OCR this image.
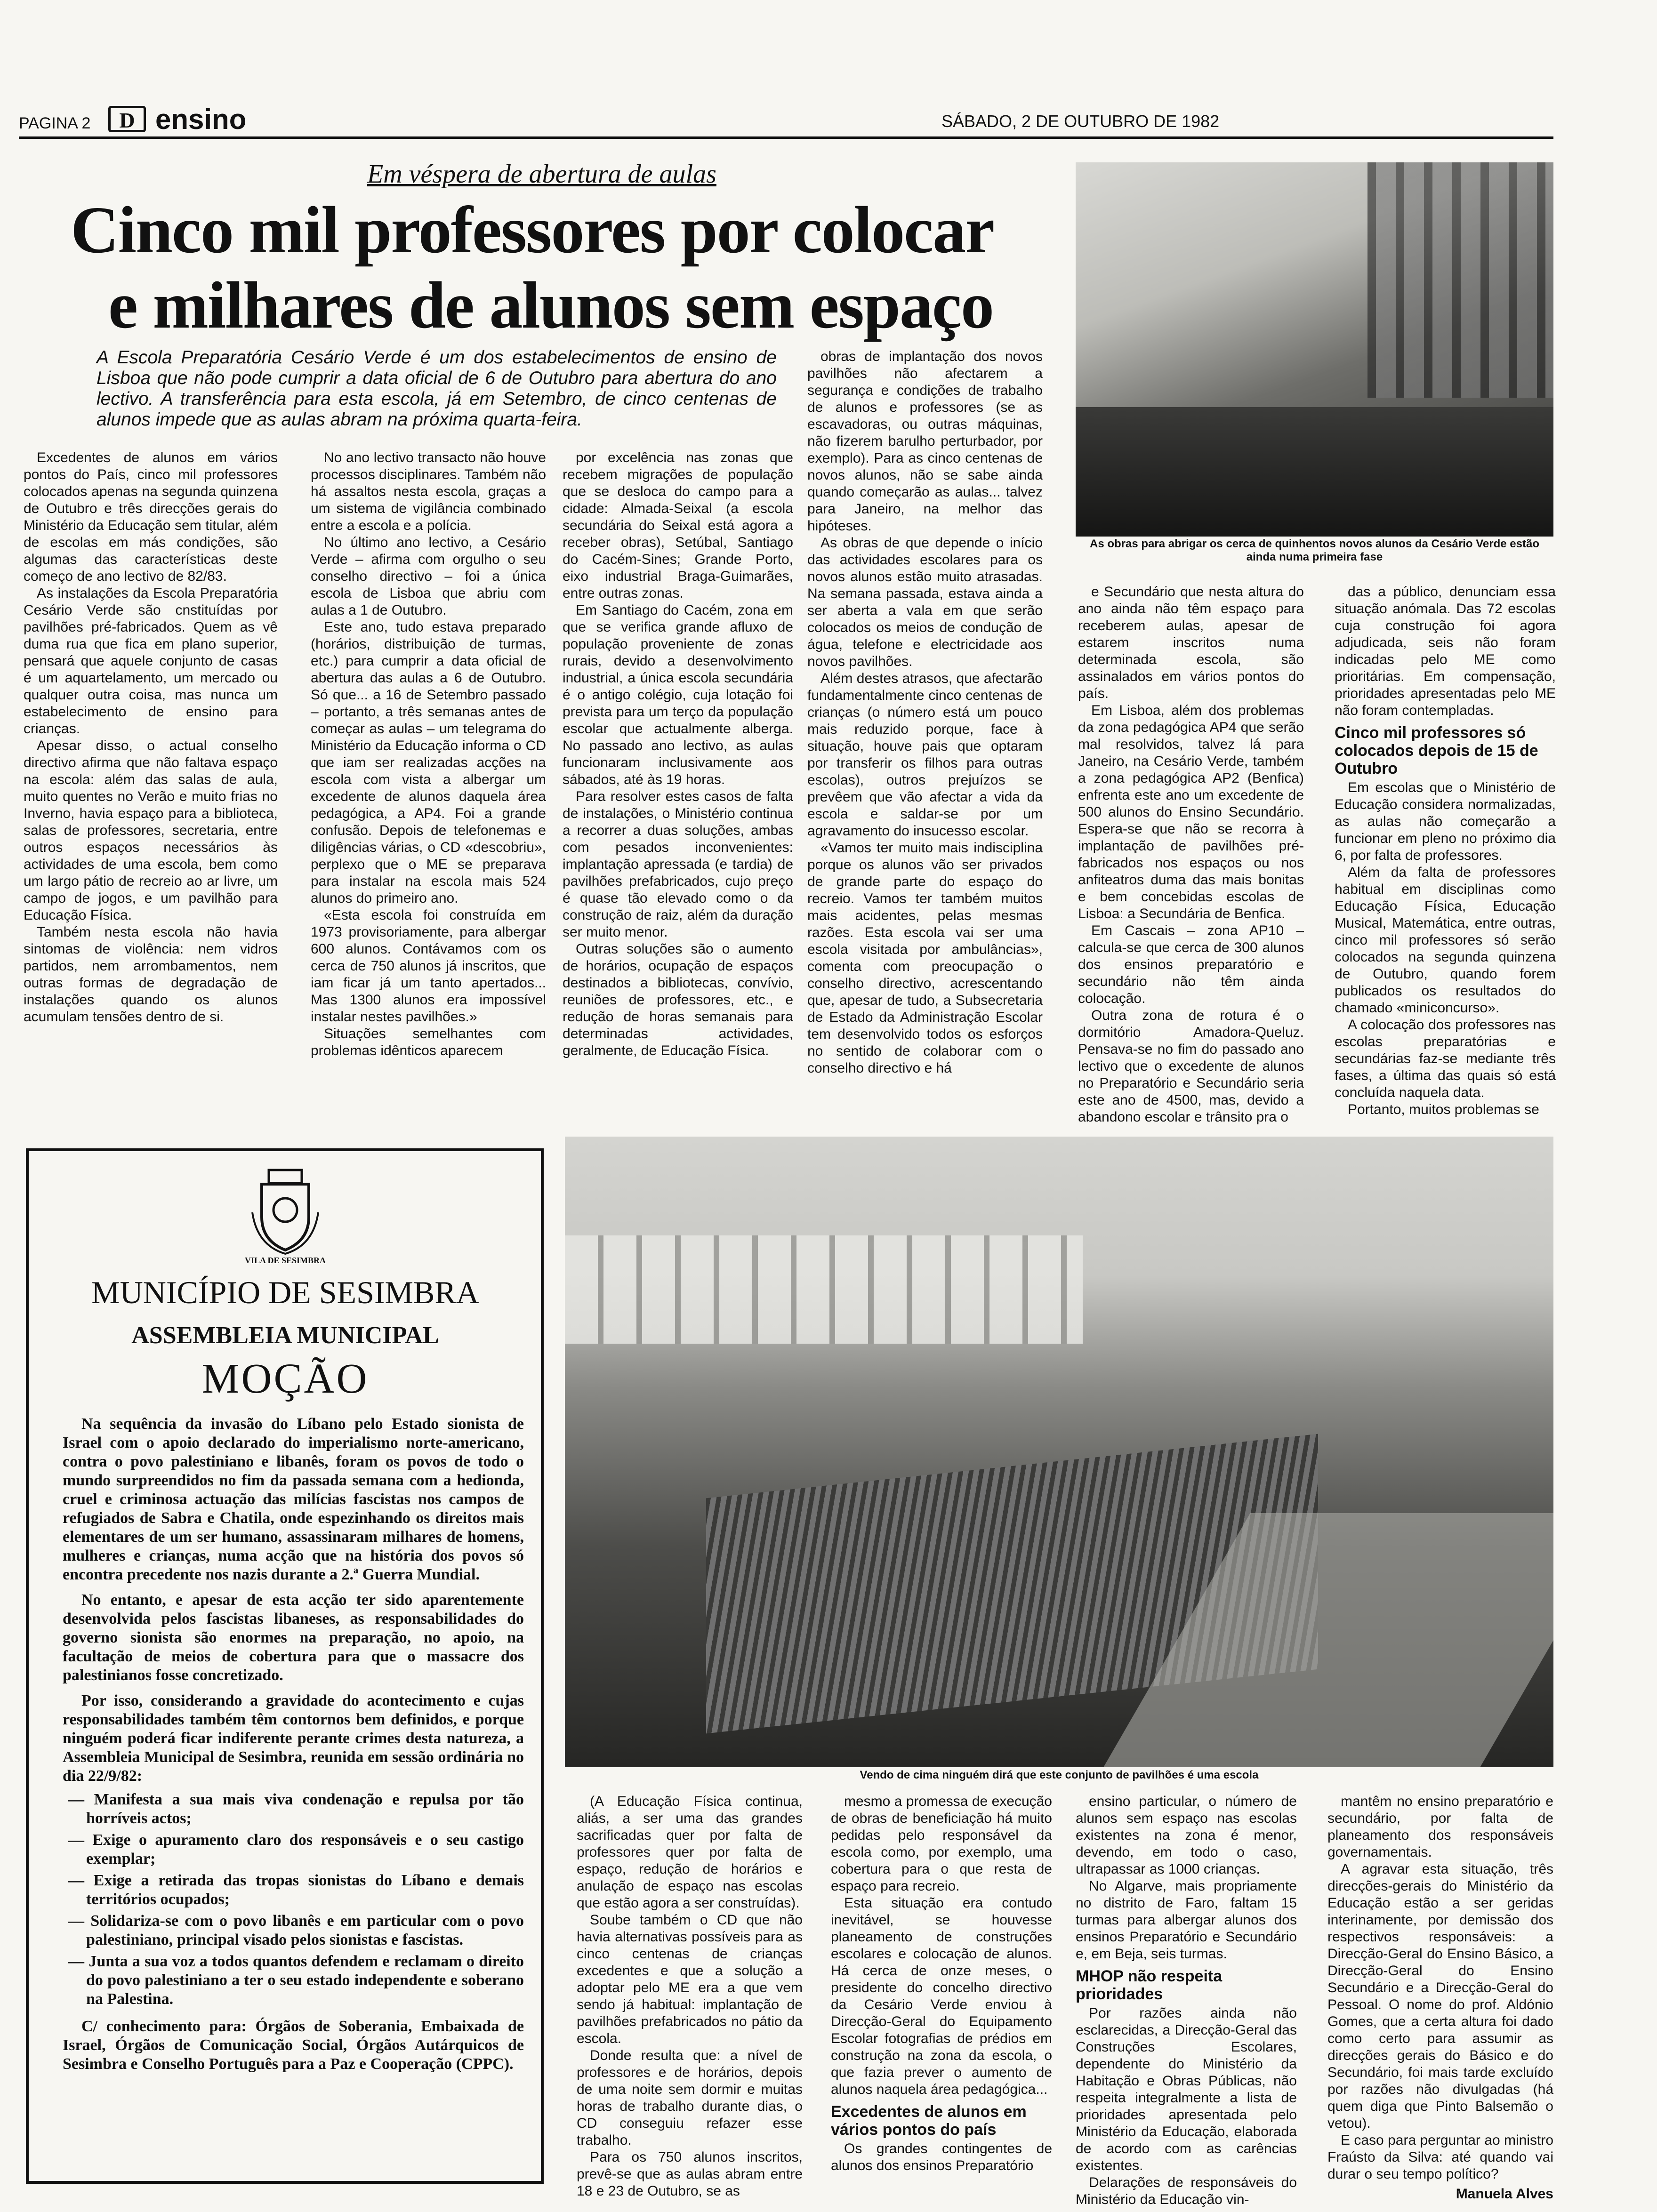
PAGINA 2	D ensino	SÁBADO, 2 DE OUTUBRO DE 1982
Em véspera de abertura de aulas
Cinco mil professores por colocar
e milhares de alunos sem espaço
A Escola Preparatória Cesário Verde é um dos estabelecimentos de ensino de Lisboa que não pode cumprir a data oficial de 6 de Outubro para abertura do ano lectivo. A transferência para esta escola, já em Setembro, de cinco centenas de alunos impede que as aulas abram na próxima quarta-feira.

Excedentes de alunos em vários pontos do País, cinco mil professores colocados apenas na segunda quinzena de Outubro e três direcções gerais do Ministério da Educação sem titular, além de escolas em más condições, são algumas das características deste começo de ano lectivo de 82/83.

As instalações da Escola Preparatória Cesário Verde são cnstituídas por pavilhões pré-fabricados. Quem as vê duma rua que fica em plano superior, pensará que aquele conjunto de casas é um aquartelamento, um mercado ou qualquer outra coisa, mas nunca um estabelecimento de ensino para crianças.

Apesar disso, o actual conselho directivo afirma que não faltava espaço na escola: além das salas de aula, muito quentes no Verão e muito frias no Inverno, havia espaço para a biblioteca, salas de professores, secretaria, entre outros espaços necessários às actividades de uma escola, bem como um largo pátio de recreio ao ar livre, um campo de jogos, e um pavilhão para Educação Física.

Também nesta escola não havia sintomas de violência: nem vidros partidos, nem arrombamentos, nem outras formas de degradação de instalações quando os alunos acumulam tensões dentro de si.

No ano lectivo transacto não houve processos disciplinares. Também não há assaltos nesta escola, graças a um sistema de vigilância combinado entre a escola e a polícia.

No último ano lectivo, a Cesário Verde – afirma com orgulho o seu conselho directivo – foi a única escola de Lisboa que abriu com aulas a 1 de Outubro.

Este ano, tudo estava preparado (horários, distribuição de turmas, etc.) para cumprir a data oficial de abertura das aulas a 6 de Outubro. Só que... a 16 de Setembro passado – portanto, a três semanas antes de começar as aulas – um telegrama do Ministério da Educação informa o CD que iam ser realizadas acções na escola com vista a albergar um excedente de alunos daquela área pedagógica, a AP4. Foi a grande confusão. Depois de telefonemas e diligências várias, o CD «descobriu», perplexo que o ME se preparava para instalar na escola mais 524 alunos do primeiro ano.

«Esta escola foi construída em 1973 provisoriamente, para albergar 600 alunos. Contávamos com os cerca de 750 alunos já inscritos, que iam ficar já um tanto apertados... Mas 1300 alunos era impossível instalar nestes pavilhões.»

Situações semelhantes com problemas idênticos aparecem

por excelência nas zonas que recebem migrações de população que se desloca do campo para a cidade: Almada-Seixal (a escola secundária do Seixal está agora a receber obras), Setúbal, Santiago do Cacém-Sines; Grande Porto, eixo industrial Braga-Guimarães, entre outras zonas.

Em Santiago do Cacém, zona em que se verifica grande afluxo de população proveniente de zonas rurais, devido a desenvolvimento industrial, a única escola secundária é o antigo colégio, cuja lotação foi prevista para um terço da população escolar que actualmente alberga. No passado ano lectivo, as aulas funcionaram inclusivamente aos sábados, até às 19 horas.

Para resolver estes casos de falta de instalações, o Ministério continua a recorrer a duas soluções, ambas com pesados inconvenientes: implantação apressada (e tardia) de pavilhões prefabricados, cujo preço é quase tão elevado como o da construção de raiz, além da duração ser muito menor.

Outras soluções são o aumento de horários, ocupação de espaços destinados a bibliotecas, convívio, reuniões de professores, etc., e redução de horas semanais para determinadas actividades, geralmente, de Educação Física.

obras de implantação dos novos pavilhões não afectarem a segurança e condições de trabalho de alunos e professores (se as escavadoras, ou outras máquinas, não fizerem barulho perturbador, por exemplo). Para as cinco centenas de novos alunos, não se sabe ainda quando começarão as aulas... talvez para Janeiro, na melhor das hipóteses.

As obras de que depende o início das actividades escolares para os novos alunos estão muito atrasadas. Na semana passada, estava ainda a ser aberta a vala em que serão colocados os meios de condução de água, telefone e electricidade aos novos pavilhões.

Além destes atrasos, que afectarão fundamentalmente cinco centenas de crianças (o número está um pouco mais reduzido porque, face à situação, houve pais que optaram por transferir os filhos para outras escolas), outros prejuízos se prevêem que vão afectar a vida da escola e saldar-se por um agravamento do insucesso escolar.

«Vamos ter muito mais indisciplina porque os alunos vão ser privados de grande parte do espaço do recreio. Vamos ter também muitos mais acidentes, pelas mesmas razões. Esta escola vai ser uma escola visitada por ambulâncias», comenta com preocupação o conselho directivo, acrescentando que, apesar de tudo, a Subsecretaria de Estado da Administração Escolar tem desenvolvido todos os esforços no sentido de colaborar com o conselho directivo e há

As obras para abrigar os cerca de quinhentos novos alunos da Cesário Verde estão ainda numa primeira fase

e Secundário que nesta altura do ano ainda não têm espaço para receberem aulas, apesar de estarem inscritos numa determinada escola, são assinalados em vários pontos do país.

Em Lisboa, além dos problemas da zona pedagógica AP4 que serão mal resolvidos, talvez lá para Janeiro, na Cesário Verde, também a zona pedagógica AP2 (Benfica) enfrenta este ano um excedente de 500 alunos do Ensino Secundário. Espera-se que não se recorra à implantação de pavilhões pré-fabricados nos espaços ou nos anfiteatros duma das mais bonitas e bem concebidas escolas de Lisboa: a Secundária de Benfica.

Em Cascais – zona AP10 – calcula-se que cerca de 300 alunos dos ensinos preparatório e secundário não têm ainda colocação.

Outra zona de rotura é o dormitório Amadora-Queluz. Pensava-se no fim do passado ano lectivo que o excedente de alunos no Preparatório e Secundário seria este ano de 4500, mas, devido a abandono escolar e trânsito pra o

das a público, denunciam essa situação anómala. Das 72 escolas cuja construção foi agora adjudicada, seis não foram indicadas pelo ME como prioritárias. Em compensação, prioridades apresentadas pelo ME não foram contempladas.

Cinco mil professores só colocados depois de 15 de Outubro

Em escolas que o Ministério de Educação considera normalizadas, as aulas não começarão a funcionar em pleno no próximo dia 6, por falta de professores.

Além da falta de professores habitual em disciplinas como Educação Física, Educação Musical, Matemática, entre outras, cinco mil professores só serão colocados na segunda quinzena de Outubro, quando forem publicados os resultados do chamado «miniconcurso».

A colocação dos professores nas escolas preparatórias e secundárias faz-se mediante três fases, a última das quais só está concluída naquela data.

Portanto, muitos problemas se

VILA DE SESIMBRA
MUNICÍPIO DE SESIMBRA
ASSEMBLEIA MUNICIPAL
MOÇÃO

Na sequência da invasão do Líbano pelo Estado sionista de Israel com o apoio declarado do imperialismo norte-americano, contra o povo palestiniano e libanês, foram os povos de todo o mundo surpreendidos no fim da passada semana com a hedionda, cruel e criminosa actuação das milícias fascistas nos campos de refugiados de Sabra e Chatila, onde espezinhando os direitos mais elementares de um ser humano, assassinaram milhares de homens, mulheres e crianças, numa acção que na história dos povos só encontra precedente nos nazis durante a 2.ª Guerra Mundial.

No entanto, e apesar de esta acção ter sido aparentemente desenvolvida pelos fascistas libaneses, as responsabilidades do governo sionista são enormes na preparação, no apoio, na facultação de meios de cobertura para que o massacre dos palestinianos fosse concretizado.

Por isso, considerando a gravidade do acontecimento e cujas responsabilidades também têm contornos bem definidos, e porque ninguém poderá ficar indiferente perante crimes desta natureza, a Assembleia Municipal de Sesimbra, reunida em sessão ordinária no dia 22/9/82:

— Manifesta a sua mais viva condenação e repulsa por tão horríveis actos;
— Exige o apuramento claro dos responsáveis e o seu castigo exemplar;
— Exige a retirada das tropas sionistas do Líbano e demais territórios ocupados;
— Solidariza-se com o povo libanês e em particular com o povo palestiniano, principal visado pelos sionistas e fascistas.
— Junta a sua voz a todos quantos defendem e reclamam o direito do povo palestiniano a ter o seu estado independente e soberano na Palestina.

C/ conhecimento para: Órgãos de Soberania, Embaixada de Israel, Órgãos de Comunicação Social, Órgãos Autárquicos de Sesimbra e Conselho Português para a Paz e Cooperação (CPPC).

Vendo de cima ninguém dirá que este conjunto de pavilhões é uma escola

(A Educação Física continua, aliás, a ser uma das grandes sacrificadas quer por falta de professores quer por falta de espaço, redução de horários e anulação de espaço nas escolas que estão agora a ser construídas).

Soube também o CD que não havia alternativas possíveis para as cinco centenas de crianças excedentes e que a solução a adoptar pelo ME era a que vem sendo já habitual: implantação de pavilhões prefabricados no pátio da escola.

Donde resulta que: a nível de professores e de horários, depois de uma noite sem dormir e muitas horas de trabalho durante dias, o CD conseguiu refazer esse trabalho.

Para os 750 alunos inscritos, prevê-se que as aulas abram entre 18 e 23 de Outubro, se as

mesmo a promessa de execução de obras de beneficiação há muito pedidas pelo responsável da escola como, por exemplo, uma cobertura para o que resta de espaço para recreio.

Esta situação era contudo inevitável, se houvesse planeamento de construções escolares e colocação de alunos. Há cerca de onze meses, o presidente do concelho directivo da Cesário Verde enviou à Direcção-Geral do Equipamento Escolar fotografias de prédios em construção na zona da escola, o que fazia prever o aumento de alunos naquela área pedagógica...

Excedentes de alunos em vários pontos do país

Os grandes contingentes de alunos dos ensinos Preparatório

ensino particular, o número de alunos sem espaço nas escolas existentes na zona é menor, devendo, em todo o caso, ultrapassar as 1000 crianças.

No Algarve, mais propriamente no distrito de Faro, faltam 15 turmas para albergar alunos dos ensinos Preparatório e Secundário e, em Beja, seis turmas.

MHOP não respeita prioridades

Por razões ainda não esclarecidas, a Direcção-Geral das Construções Escolares, dependente do Ministério da Habitação e Obras Públicas, não respeita integralmente a lista de prioridades apresentada pelo Ministério da Educação, elaborada de acordo com as carências existentes.

Delarações de responsáveis do Ministério da Educação vin-

mantêm no ensino preparatório e secundário, por falta de planeamento dos responsáveis governamentais.

A agravar esta situação, três direcções-gerais do Ministério da Educação estão a ser geridas interinamente, por demissão dos respectivos responsáveis: a Direcção-Geral do Ensino Básico, a Direcção-Geral do Ensino Secundário e a Direcção-Geral do Pessoal. O nome do prof. Aldónio Gomes, que a certa altura foi dado como certo para assumir as direcções gerais do Básico e do Secundário, foi mais tarde excluído por razões não divulgadas (há quem diga que Pinto Balsemão o vetou).

E caso para perguntar ao ministro Fraústo da Silva: até quando vai durar o seu tempo político?

Manuela Alves
